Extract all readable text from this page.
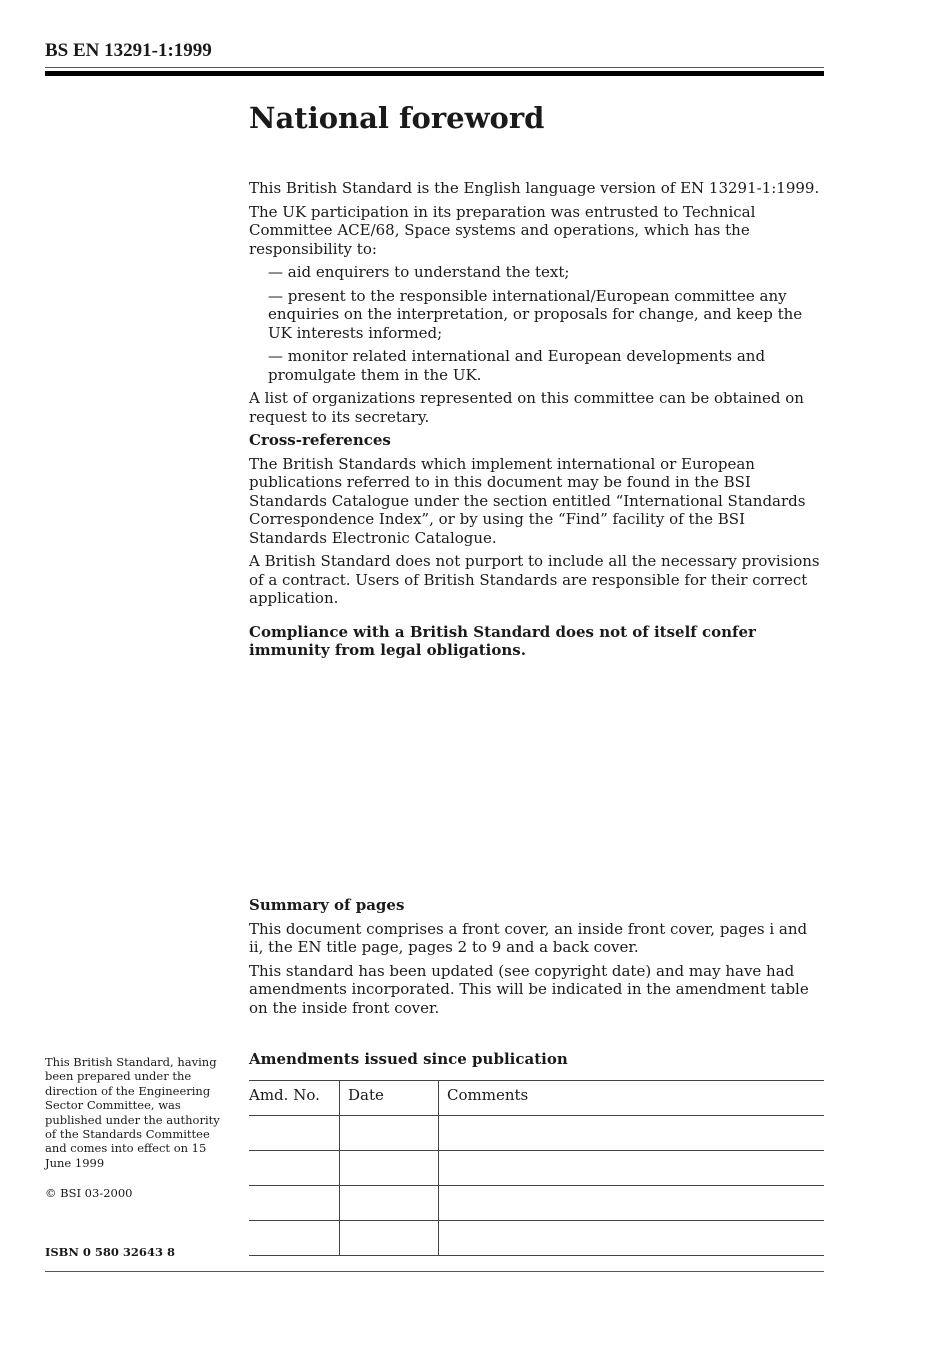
BS EN 13291-1:1999
National foreword

This British Standard is the English language version of EN 13291-1:1999.

The UK participation in its preparation was entrusted to Technical Committee ACE/68, Space systems and operations, which has the responsibility to:

— aid enquirers to understand the text;

— present to the responsible international/European committee any enquiries on the interpretation, or proposals for change, and keep the UK interests informed;

— monitor related international and European developments and promulgate them in the UK.

A list of organizations represented on this committee can be obtained on request to its secretary.

Cross-references

The British Standards which implement international or European publications referred to in this document may be found in the BSI Standards Catalogue under the section entitled “International Standards Correspondence Index”, or by using the “Find” facility of the BSI Standards Electronic Catalogue.

A British Standard does not purport to include all the necessary provisions of a contract. Users of British Standards are responsible for their correct application.

Compliance with a British Standard does not of itself confer immunity from legal obligations.

Summary of pages

This document comprises a front cover, an inside front cover, pages i and ii, the EN title page, pages 2 to 9 and a back cover.

This standard has been updated (see copyright date) and may have had amendments incorporated. This will be indicated in the amendment table on the inside front cover.

This British Standard, having been prepared under the direction of the Engineering Sector Committee, was published under the authority of the Standards Committee and comes into effect on 15 June 1999

© BSI 03-2000
ISBN 0 580 32643 8
Amendments issued since publication
Amd. No.	Date	Comments
